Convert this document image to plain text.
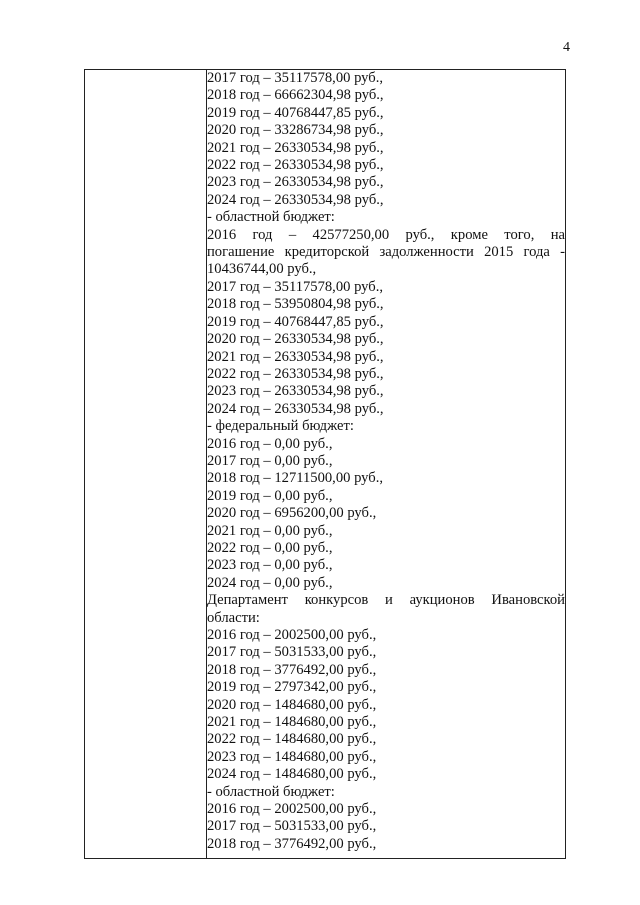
4

2017 год – 35117578,00 руб.,
2018 год – 66662304,98 руб.,
2019 год – 40768447,85 руб.,
2020 год – 33286734,98 руб.,
2021 год – 26330534,98 руб.,
2022 год – 26330534,98 руб.,
2023 год – 26330534,98 руб.,
2024 год – 26330534,98 руб.,
- областной бюджет:
2016 год – 42577250,00 руб., кроме того, на
погашение кредиторской задолженности 2015 года -
10436744,00 руб.,
2017 год – 35117578,00 руб.,
2018 год – 53950804,98 руб.,
2019 год – 40768447,85 руб.,
2020 год – 26330534,98 руб.,
2021 год – 26330534,98 руб.,
2022 год – 26330534,98 руб.,
2023 год – 26330534,98 руб.,
2024 год – 26330534,98 руб.,
- федеральный бюджет:
2016 год – 0,00 руб.,
2017 год – 0,00 руб.,
2018 год – 12711500,00 руб.,
2019 год – 0,00 руб.,
2020 год – 6956200,00 руб.,
2021 год – 0,00 руб.,
2022 год – 0,00 руб.,
2023 год – 0,00 руб.,
2024 год – 0,00 руб.,
Департамент конкурсов и аукционов Ивановской
области:
2016 год – 2002500,00 руб.,
2017 год – 5031533,00 руб.,
2018 год – 3776492,00 руб.,
2019 год – 2797342,00 руб.,
2020 год – 1484680,00 руб.,
2021 год – 1484680,00 руб.,
2022 год – 1484680,00 руб.,
2023 год – 1484680,00 руб.,
2024 год – 1484680,00 руб.,
- областной бюджет:
2016 год – 2002500,00 руб.,
2017 год – 5031533,00 руб.,
2018 год – 3776492,00 руб.,
